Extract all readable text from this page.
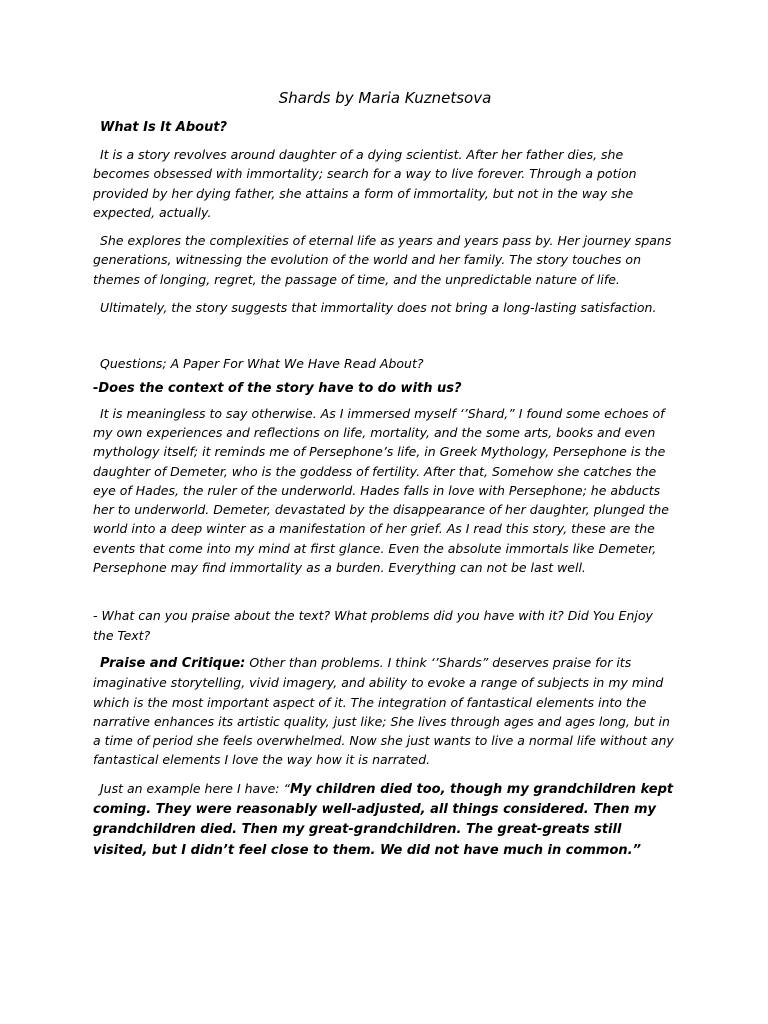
Shards by Maria Kuznetsova
What Is It About?

It is a story revolves around daughter of a dying scientist. After her father dies, she becomes obsessed with immortality; search for a way to live forever. Through a potion provided by her dying father, she attains a form of immortality, but not in the way she expected, actually.

She explores the complexities of eternal life as years and years pass by. Her journey spans generations, witnessing the evolution of the world and her family. The story touches on themes of longing, regret, the passage of time, and the unpredictable nature of life.

Ultimately, the story suggests that immortality does not bring a long-lasting satisfaction.

Questions; A Paper For What We Have Read About?

-Does the context of the story have to do with us?

It is meaningless to say otherwise. As I immersed myself ‘’Shard,” I found some echoes of my own experiences and reflections on life, mortality, and the some arts, books and even mythology itself; it reminds me of Persephone’s life, in Greek Mythology, Persephone is the daughter of Demeter, who is the goddess of fertility. After that, Somehow she catches the eye of Hades, the ruler of the underworld. Hades falls in love with Persephone; he abducts her to underworld. Demeter, devastated by the disappearance of her daughter, plunged the world into a deep winter as a manifestation of her grief. As I read this story, these are the events that come into my mind at first glance. Even the absolute immortals like Demeter, Persephone may find immortality as a burden. Everything can not be last well.

- What can you praise about the text? What problems did you have with it? Did You Enjoy the Text?

Praise and Critique: Other than problems. I think ‘’Shards” deserves praise for its imaginative storytelling, vivid imagery, and ability to evoke a range of subjects in my mind which is the most important aspect of it. The integration of fantastical elements into the narrative enhances its artistic quality, just like; She lives through ages and ages long, but in a time of period she feels overwhelmed. Now she just wants to live a normal life without any fantastical elements I love the way how it is narrated.

Just an example here I have: “My children died too, though my grandchildren kept coming. They were reasonably well-adjusted, all things considered. Then my grandchildren died. Then my great-grandchildren. The great-greats still visited, but I didn’t feel close to them. We did not have much in common.”
